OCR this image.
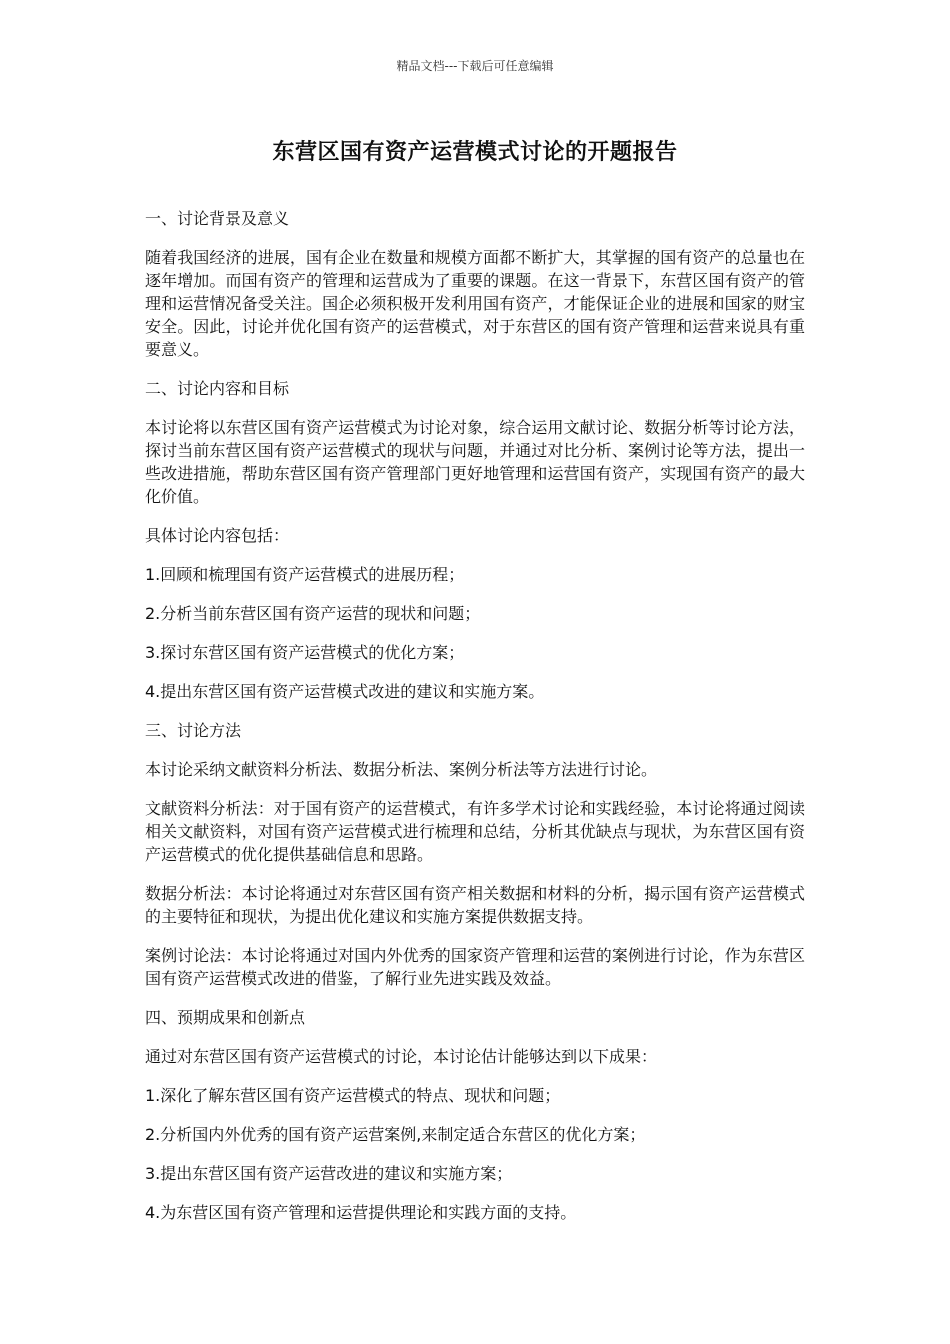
精品文档---下载后可任意编辑
东营区国有资产运营模式讨论的开题报告

一、讨论背景及意义

随着我国经济的进展，国有企业在数量和规模方面都不断扩大，其掌握的国有资产的总量也在逐年增加。而国有资产的管理和运营成为了重要的课题。在这一背景下，东营区国有资产的管理和运营情况备受关注。国企必须积极开发利用国有资产，才能保证企业的进展和国家的财宝安全。因此，讨论并优化国有资产的运营模式，对于东营区的国有资产管理和运营来说具有重要意义。

二、讨论内容和目标

本讨论将以东营区国有资产运营模式为讨论对象，综合运用文献讨论、数据分析等讨论方法，探讨当前东营区国有资产运营模式的现状与问题，并通过对比分析、案例讨论等方法，提出一些改进措施，帮助东营区国有资产管理部门更好地管理和运营国有资产，实现国有资产的最大化价值。

具体讨论内容包括：

1.回顾和梳理国有资产运营模式的进展历程；

2.分析当前东营区国有资产运营的现状和问题；

3.探讨东营区国有资产运营模式的优化方案；

4.提出东营区国有资产运营模式改进的建议和实施方案。

三、讨论方法

本讨论采纳文献资料分析法、数据分析法、案例分析法等方法进行讨论。

文献资料分析法：对于国有资产的运营模式，有许多学术讨论和实践经验，本讨论将通过阅读相关文献资料，对国有资产运营模式进行梳理和总结，分析其优缺点与现状，为东营区国有资产运营模式的优化提供基础信息和思路。

数据分析法：本讨论将通过对东营区国有资产相关数据和材料的分析，揭示国有资产运营模式的主要特征和现状，为提出优化建议和实施方案提供数据支持。

案例讨论法：本讨论将通过对国内外优秀的国家资产管理和运营的案例进行讨论，作为东营区国有资产运营模式改进的借鉴，了解行业先进实践及效益。

四、预期成果和创新点

通过对东营区国有资产运营模式的讨论，本讨论估计能够达到以下成果：

1.深化了解东营区国有资产运营模式的特点、现状和问题；

2.分析国内外优秀的国有资产运营案例,来制定适合东营区的优化方案；

3.提出东营区国有资产运营改进的建议和实施方案；

4.为东营区国有资产管理和运营提供理论和实践方面的支持。
